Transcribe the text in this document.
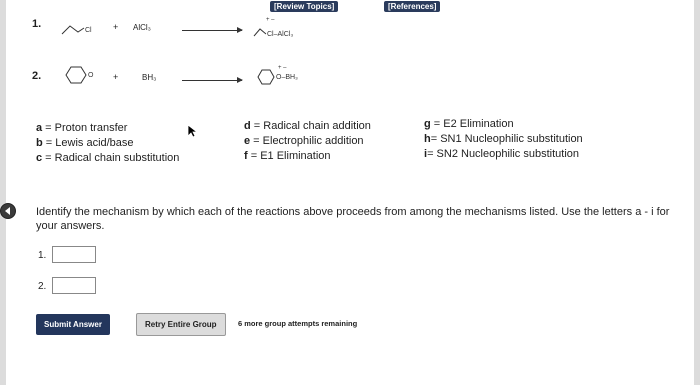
[Review Topics]	[References]
1.
Cl + AlCl₃
+ –
Cl–AlCl₃
2.	O +	BH₃
+ –
O–BH₃
a = Proton transfer
b = Lewis acid/base
c = Radical chain substitution
d = Radical chain addition
e = Electrophilic addition
f = E1 Elimination
g = E2 Elimination
h= SN1 Nucleophilic substitution
i= SN2 Nucleophilic substitution
Identify the mechanism by which each of the reactions above proceeds from among the mechanisms listed. Use the letters a - i for your answers.
1.
2.
Submit Answer	Retry Entire Group	6 more group attempts remaining
